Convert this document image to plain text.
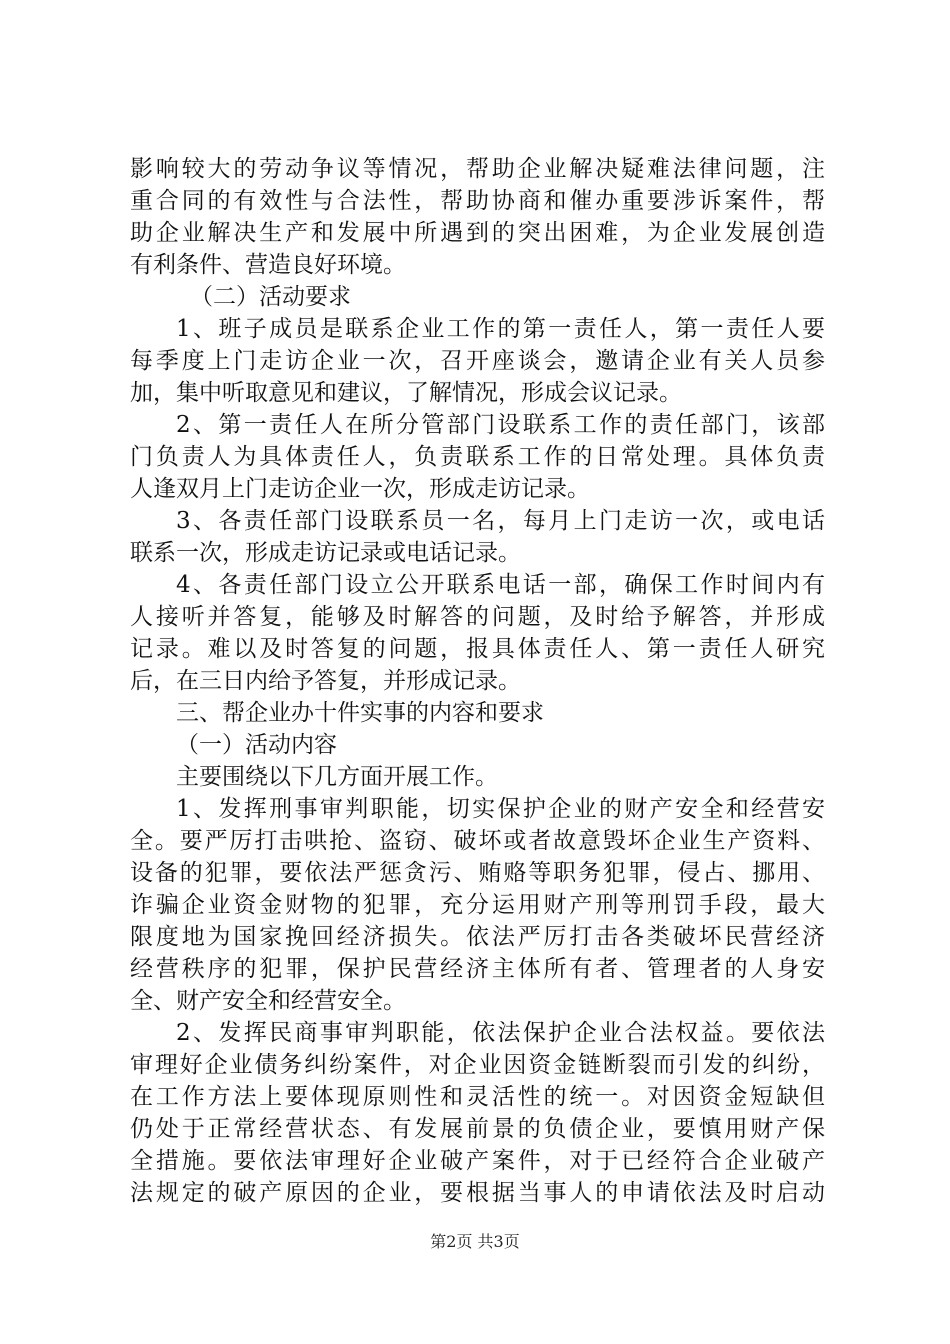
影响较大的劳动争议等情况，帮助企业解决疑难法律问题，注
重合同的有效性与合法性，帮助协商和催办重要涉诉案件，帮
助企业解决生产和发展中所遇到的突出困难，为企业发展创造
有利条件、营造良好环境。
（二）活动要求
1、班子成员是联系企业工作的第一责任人，第一责任人要
每季度上门走访企业一次，召开座谈会，邀请企业有关人员参
加，集中听取意见和建议，了解情况，形成会议记录。
2、第一责任人在所分管部门设联系工作的责任部门，该部
门负责人为具体责任人，负责联系工作的日常处理。具体负责
人逢双月上门走访企业一次，形成走访记录。
3、各责任部门设联系员一名，每月上门走访一次，或电话
联系一次，形成走访记录或电话记录。
4、各责任部门设立公开联系电话一部，确保工作时间内有
人接听并答复，能够及时解答的问题，及时给予解答，并形成
记录。难以及时答复的问题，报具体责任人、第一责任人研究
后，在三日内给予答复，并形成记录。
三、帮企业办十件实事的内容和要求
（一）活动内容
主要围绕以下几方面开展工作。
1、发挥刑事审判职能，切实保护企业的财产安全和经营安
全。要严厉打击哄抢、盗窃、破坏或者故意毁坏企业生产资料、
设备的犯罪，要依法严惩贪污、贿赂等职务犯罪，侵占、挪用、
诈骗企业资金财物的犯罪，充分运用财产刑等刑罚手段，最大
限度地为国家挽回经济损失。依法严厉打击各类破坏民营经济
经营秩序的犯罪，保护民营经济主体所有者、管理者的人身安
全、财产安全和经营安全。
2、发挥民商事审判职能，依法保护企业合法权益。要依法
审理好企业债务纠纷案件，对企业因资金链断裂而引发的纠纷，
在工作方法上要体现原则性和灵活性的统一。对因资金短缺但
仍处于正常经营状态、有发展前景的负债企业，要慎用财产保
全措施。要依法审理好企业破产案件，对于已经符合企业破产
法规定的破产原因的企业，要根据当事人的申请依法及时启动
第2页 共3页
